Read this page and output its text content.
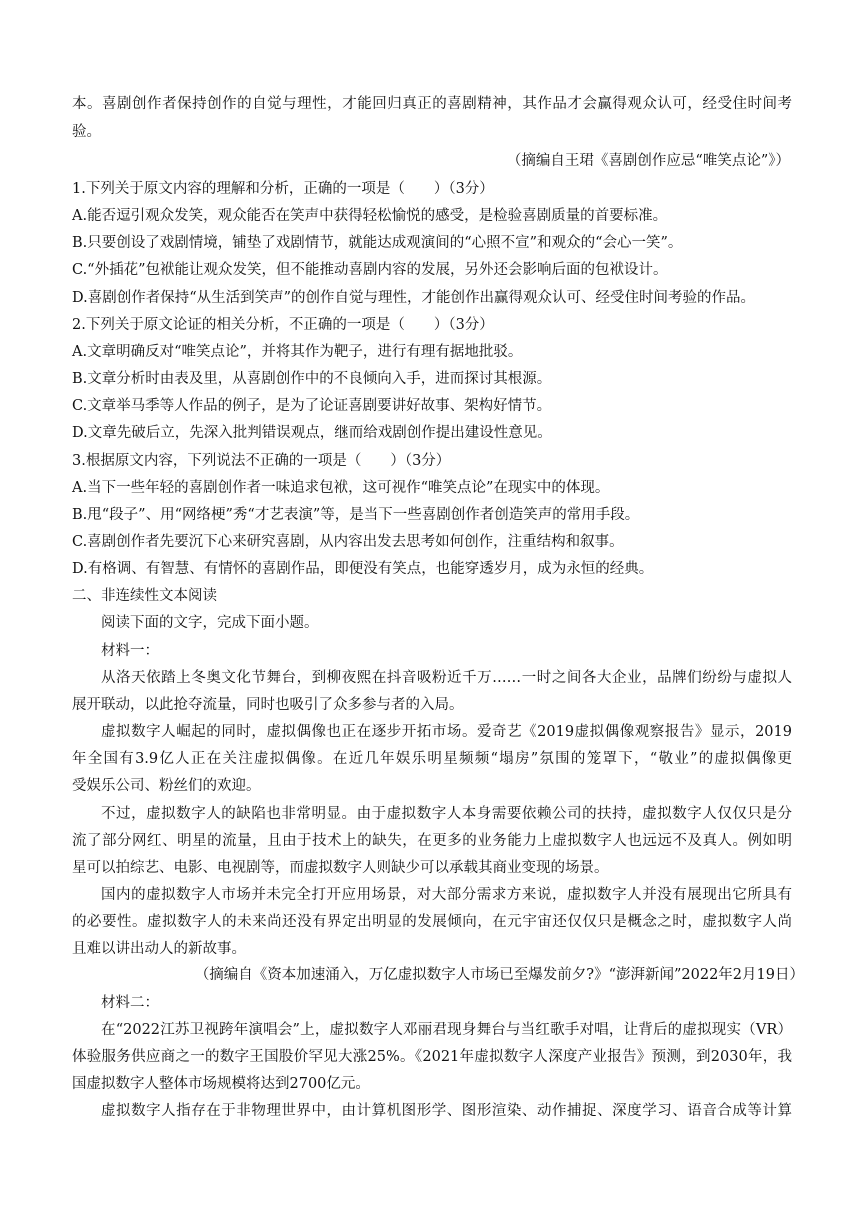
本。喜剧创作者保持创作的自觉与理性，才能回归真正的喜剧精神，其作品才会赢得观众认可，经受住时间考
验。
（摘编自王珺《喜剧创作应忌“唯笑点论”》）
1.下列关于原文内容的理解和分析，正确的一项是（　　）（3分）
A.能否逗引观众发笑，观众能否在笑声中获得轻松愉悦的感受，是检验喜剧质量的首要标准。
B.只要创设了戏剧情境，铺垫了戏剧情节，就能达成观演间的“心照不宣”和观众的“会心一笑”。
C.“外插花”包袱能让观众发笑，但不能推动喜剧内容的发展，另外还会影响后面的包袱设计。
D.喜剧创作者保持“从生活到笑声”的创作自觉与理性，才能创作出赢得观众认可、经受住时间考验的作品。
2.下列关于原文论证的相关分析，不正确的一项是（　　）（3分）
A.文章明确反对“唯笑点论”，并将其作为靶子，进行有理有据地批驳。
B.文章分析时由表及里，从喜剧创作中的不良倾向入手，进而探讨其根源。
C.文章举马季等人作品的例子，是为了论证喜剧要讲好故事、架构好情节。
D.文章先破后立，先深入批判错误观点，继而给戏剧创作提出建设性意见。
3.根据原文内容，下列说法不正确的一项是（　　）（3分）
A.当下一些年轻的喜剧创作者一味追求包袱，这可视作“唯笑点论”在现实中的体现。
B.甩“段子”、用“网络梗”秀“才艺表演”等，是当下一些喜剧创作者创造笑声的常用手段。
C.喜剧创作者先要沉下心来研究喜剧，从内容出发去思考如何创作，注重结构和叙事。
D.有格调、有智慧、有情怀的喜剧作品，即便没有笑点，也能穿透岁月，成为永恒的经典。
二、非连续性文本阅读
阅读下面的文字，完成下面小题。
材料一：
（摘编自《资本加速涌入，万亿虚拟数字人市场已至爆发前夕?》“澎湃新闻”2022年2月19日）
材料二：
从洛天依踏上冬奥文化节舞台，到柳夜熙在抖音吸粉近千万……一时之间各大企业，品牌们纷纷与虚拟人
展开联动，以此抢夺流量，同时也吸引了众多参与者的入局。
虚拟数字人崛起的同时，虚拟偶像也正在逐步开拓市场。爱奇艺《2019虚拟偶像观察报告》显示，2019
年全国有3.9亿人正在关注虚拟偶像。在近几年娱乐明星频频“塌房”氛围的笼罩下，“敬业”的虚拟偶像更
受娱乐公司、粉丝们的欢迎。
不过，虚拟数字人的缺陷也非常明显。由于虚拟数字人本身需要依赖公司的扶持，虚拟数字人仅仅只是分
流了部分网红、明星的流量，且由于技术上的缺失，在更多的业务能力上虚拟数字人也远远不及真人。例如明
星可以拍综艺、电影、电视剧等，而虚拟数字人则缺少可以承载其商业变现的场景。
国内的虚拟数字人市场并未完全打开应用场景，对大部分需求方来说，虚拟数字人并没有展现出它所具有
的必要性。虚拟数字人的未来尚还没有界定出明显的发展倾向，在元宇宙还仅仅只是概念之时，虚拟数字人尚
且难以讲出动人的新故事。
在“2022江苏卫视跨年演唱会”上，虚拟数字人邓丽君现身舞台与当红歌手对唱，让背后的虚拟现实（VR）
体验服务供应商之一的数字王国股价罕见大涨25%。《2021年虚拟数字人深度产业报告》预测，到2030年，我
国虚拟数字人整体市场规模将达到2700亿元。
虚拟数字人指存在于非物理世界中，由计算机图形学、图形渲染、动作捕捉、深度学习、语音合成等计算
